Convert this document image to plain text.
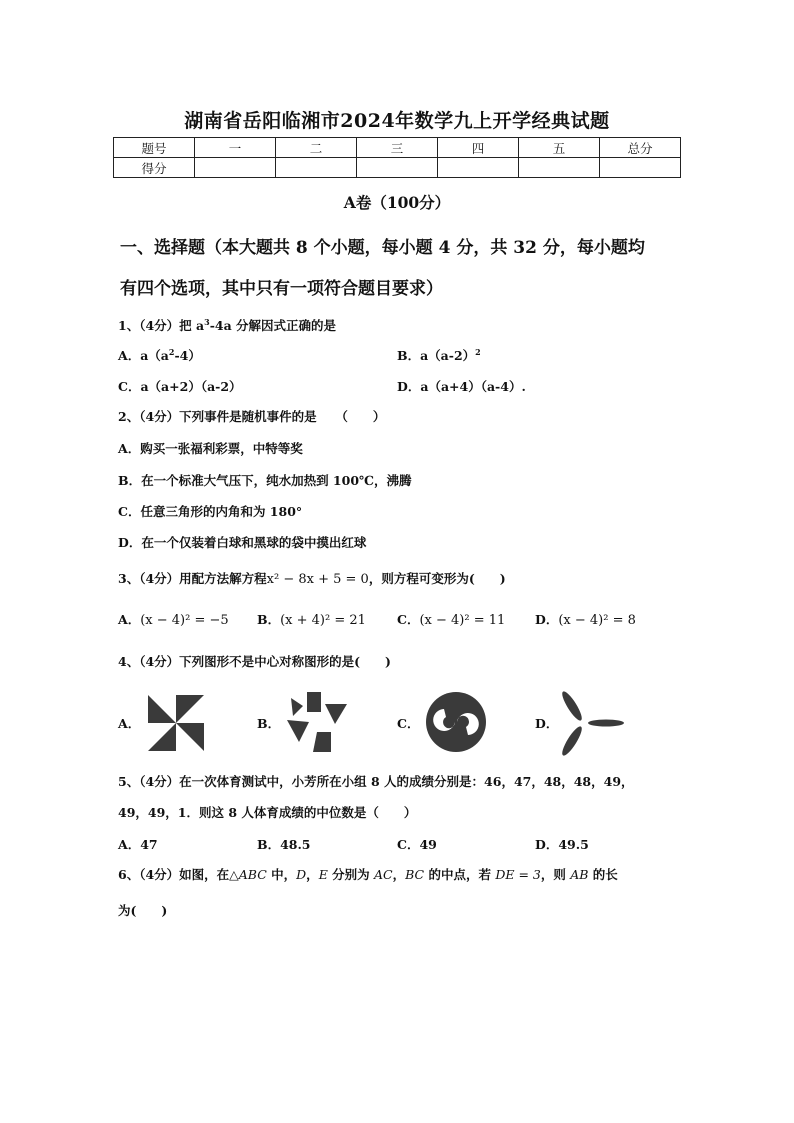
湖南省岳阳临湘市2024年数学九上开学经典试题
题号	一	二	三	四	五	总分
得分						
A卷（100分）
一、选择题（本大题共 8 个小题，每小题 4 分，共 32 分，每小题均
有四个选项，其中只有一项符合题目要求）
1、（4分）把 $a^3-4a$ 分解因式正确的是
A．$a(a^2-4)$	B．$a(a-2)^2$
C．a（a+2）（a-2）	D．a（a+4）（a-4）.
2、（4分）下列事件是随机事件的是　　（　　）
A．购买一张福利彩票，中特等奖
B．在一个标准大气压下，纯水加热到 100℃，沸腾
C．任意三角形的内角和为 180°
D．在一个仅装着白球和黑球的袋中摸出红球
3、（4分）用配方法解方程x² − 8x + 5 = 0，则方程可变形为(　　)
A．(x − 4)² = −5 B．(x + 4)² = 21 C．(x − 4)² = 11 D．(x − 4)² = 8
4、（4分）下列图形不是中心对称图形的是(　　)
A．	B．	C．	D．
5、（4分）在一次体育测试中，小芳所在小组 8 人的成绩分别是：46，47，48，48，49，
49，49，1．则这 8 人体育成绩的中位数是（　　）
A．47	B．48.5	C．49	D．49.5
6、（4分）如图，在△ABC 中，D，E 分别为 AC，BC 的中点，若 DE = 3，则 AB 的长
为(　　)
